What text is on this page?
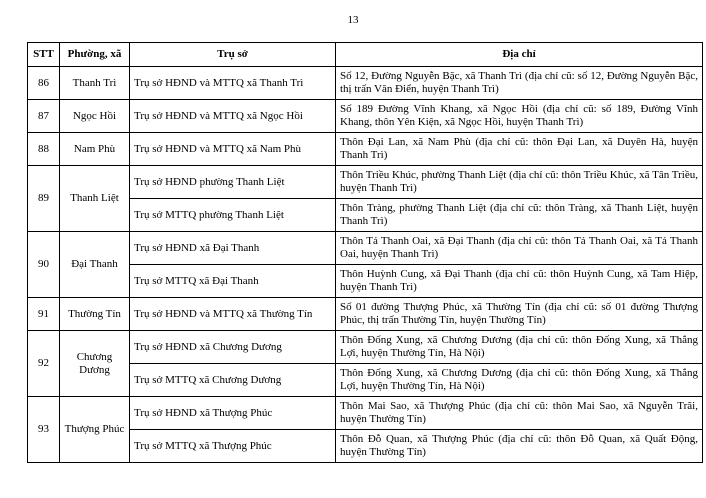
13
STT	Phường, xã	Trụ sở	Địa chỉ
86	Thanh Trì	Trụ sở HĐND và MTTQ xã Thanh Trì	Số 12, Đường Nguyễn Bặc, xã Thanh Trì (địa chỉ cũ: số 12, Đường Nguyễn Bặc, thị trấn Văn Điển, huyện Thanh Trì)
87	Ngọc Hồi	Trụ sở HĐND và MTTQ xã Ngọc Hồi	Số 189 Đường Vĩnh Khang, xã Ngọc Hồi (địa chỉ cũ: số 189, Đường Vĩnh Khang, thôn Yên Kiện, xã Ngọc Hồi, huyện Thanh Trì)
88	Nam Phù	Trụ sở HĐND và MTTQ xã Nam Phù	Thôn Đại Lan, xã Nam Phù (địa chỉ cũ: thôn Đại Lan, xã Duyên Hà, huyện Thanh Trì)
89	Thanh Liệt	Trụ sở HĐND phường Thanh Liệt	Thôn Triều Khúc, phường Thanh Liệt (địa chỉ cũ: thôn Triều Khúc, xã Tân Triều, huyện Thanh Trì)
		Trụ sở MTTQ phường Thanh Liệt	Thôn Tràng, phường Thanh Liệt (địa chỉ cũ: thôn Tràng, xã Thanh Liệt, huyện Thanh Trì)
90	Đại Thanh	Trụ sở HĐND xã Đại Thanh	Thôn Tả Thanh Oai, xã Đại Thanh (địa chỉ cũ: thôn Tả Thanh Oai, xã Tả Thanh Oai, huyện Thanh Trì)
		Trụ sở MTTQ xã Đại Thanh	Thôn Huỳnh Cung, xã Đại Thanh (địa chỉ cũ: thôn Huỳnh Cung, xã Tam Hiệp, huyện Thanh Trì)
91	Thường Tín	Trụ sở HĐND và MTTQ xã Thường Tín	Số 01 đường Thượng Phúc, xã Thường Tín (địa chỉ cũ: số 01 đường Thượng Phúc, thị trấn Thường Tín, huyện Thường Tín)
92	Chương Dương	Trụ sở HĐND xã Chương Dương	Thôn Đống Xung, xã Chương Dương (địa chỉ cũ: thôn Đống Xung, xã Thắng Lợi, huyện Thường Tín, Hà Nội)
		Trụ sở MTTQ xã Chương Dương	Thôn Đống Xung, xã Chương Dương (địa chỉ cũ: thôn Đống Xung, xã Thắng Lợi, huyện Thường Tín, Hà Nội)
93	Thượng Phúc	Trụ sở HĐND xã Thượng Phúc	Thôn Mai Sao, xã Thượng Phúc (địa chỉ cũ: thôn Mai Sao, xã Nguyễn Trãi, huyện Thường Tín)
		Trụ sở MTTQ xã Thượng Phúc	Thôn Đỗ Quan, xã Thượng Phúc (địa chỉ cũ: thôn Đỗ Quan, xã Quất Động, huyện Thường Tín)
